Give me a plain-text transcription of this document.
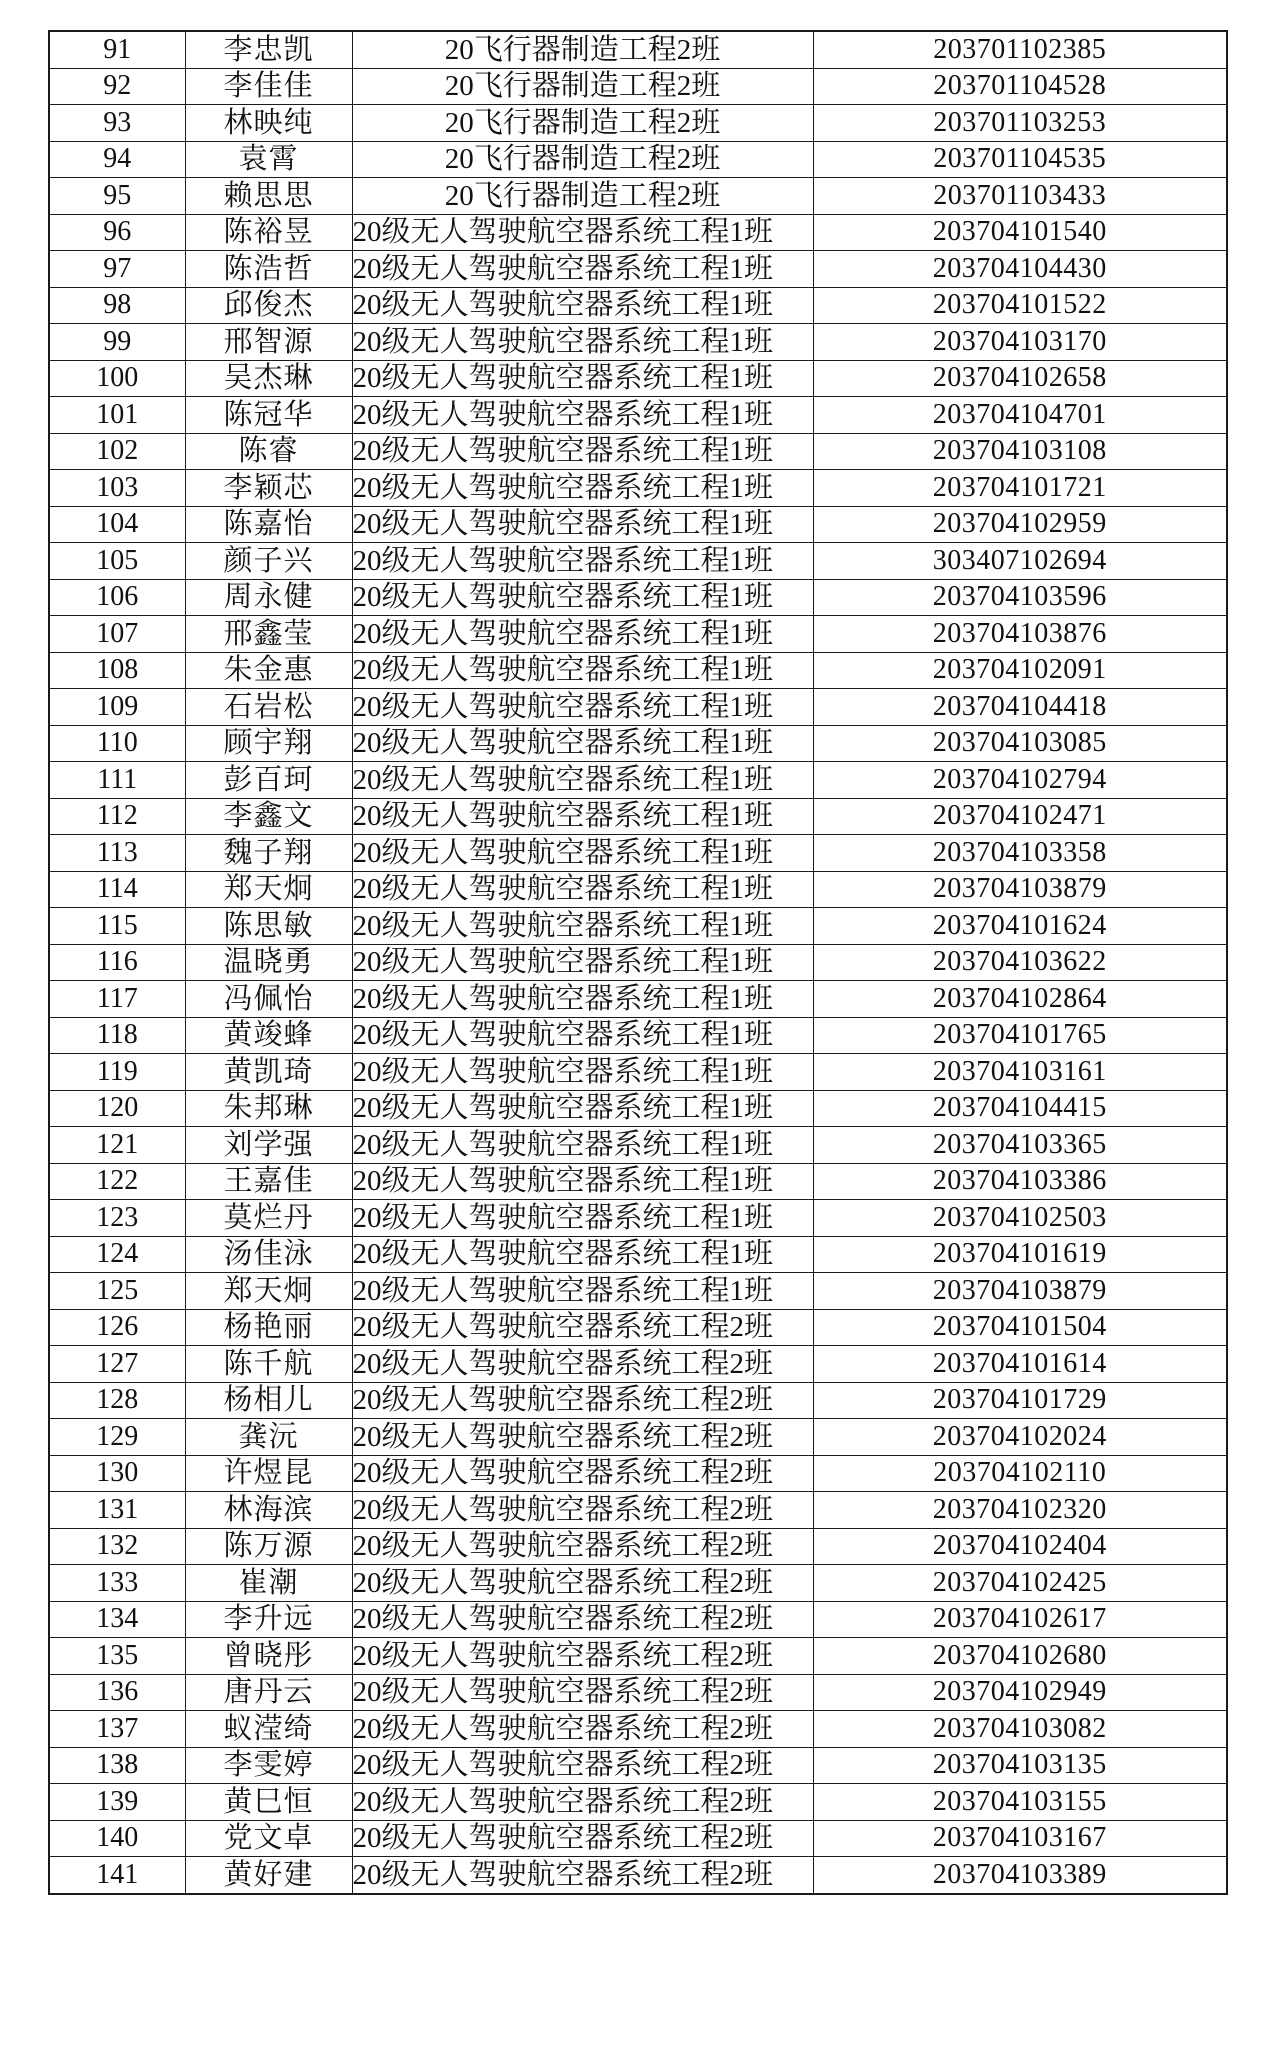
91	李忠凯	20飞行器制造工程2班	203701102385
92	李佳佳	20飞行器制造工程2班	203701104528
93	林映纯	20飞行器制造工程2班	203701103253
94	袁霄	20飞行器制造工程2班	203701104535
95	赖思思	20飞行器制造工程2班	203701103433
96	陈裕昱	20级无人驾驶航空器系统工程1班	203704101540
97	陈浩哲	20级无人驾驶航空器系统工程1班	203704104430
98	邱俊杰	20级无人驾驶航空器系统工程1班	203704101522
99	邢智源	20级无人驾驶航空器系统工程1班	203704103170
100	吴杰琳	20级无人驾驶航空器系统工程1班	203704102658
101	陈冠华	20级无人驾驶航空器系统工程1班	203704104701
102	陈睿	20级无人驾驶航空器系统工程1班	203704103108
103	李颖芯	20级无人驾驶航空器系统工程1班	203704101721
104	陈嘉怡	20级无人驾驶航空器系统工程1班	203704102959
105	颜子兴	20级无人驾驶航空器系统工程1班	303407102694
106	周永健	20级无人驾驶航空器系统工程1班	203704103596
107	邢鑫莹	20级无人驾驶航空器系统工程1班	203704103876
108	朱金惠	20级无人驾驶航空器系统工程1班	203704102091
109	石岩松	20级无人驾驶航空器系统工程1班	203704104418
110	顾宇翔	20级无人驾驶航空器系统工程1班	203704103085
111	彭百珂	20级无人驾驶航空器系统工程1班	203704102794
112	李鑫文	20级无人驾驶航空器系统工程1班	203704102471
113	魏子翔	20级无人驾驶航空器系统工程1班	203704103358
114	郑天炯	20级无人驾驶航空器系统工程1班	203704103879
115	陈思敏	20级无人驾驶航空器系统工程1班	203704101624
116	温晓勇	20级无人驾驶航空器系统工程1班	203704103622
117	冯佩怡	20级无人驾驶航空器系统工程1班	203704102864
118	黄竣蜂	20级无人驾驶航空器系统工程1班	203704101765
119	黄凯琦	20级无人驾驶航空器系统工程1班	203704103161
120	朱邦琳	20级无人驾驶航空器系统工程1班	203704104415
121	刘学强	20级无人驾驶航空器系统工程1班	203704103365
122	王嘉佳	20级无人驾驶航空器系统工程1班	203704103386
123	莫烂丹	20级无人驾驶航空器系统工程1班	203704102503
124	汤佳泳	20级无人驾驶航空器系统工程1班	203704101619
125	郑天炯	20级无人驾驶航空器系统工程1班	203704103879
126	杨艳丽	20级无人驾驶航空器系统工程2班	203704101504
127	陈千航	20级无人驾驶航空器系统工程2班	203704101614
128	杨相儿	20级无人驾驶航空器系统工程2班	203704101729
129	龚沅	20级无人驾驶航空器系统工程2班	203704102024
130	许煜昆	20级无人驾驶航空器系统工程2班	203704102110
131	林海滨	20级无人驾驶航空器系统工程2班	203704102320
132	陈万源	20级无人驾驶航空器系统工程2班	203704102404
133	崔潮	20级无人驾驶航空器系统工程2班	203704102425
134	李升远	20级无人驾驶航空器系统工程2班	203704102617
135	曾晓彤	20级无人驾驶航空器系统工程2班	203704102680
136	唐丹云	20级无人驾驶航空器系统工程2班	203704102949
137	蚁滢绮	20级无人驾驶航空器系统工程2班	203704103082
138	李雯婷	20级无人驾驶航空器系统工程2班	203704103135
139	黄巳恒	20级无人驾驶航空器系统工程2班	203704103155
140	党文卓	20级无人驾驶航空器系统工程2班	203704103167
141	黄好建	20级无人驾驶航空器系统工程2班	203704103389
